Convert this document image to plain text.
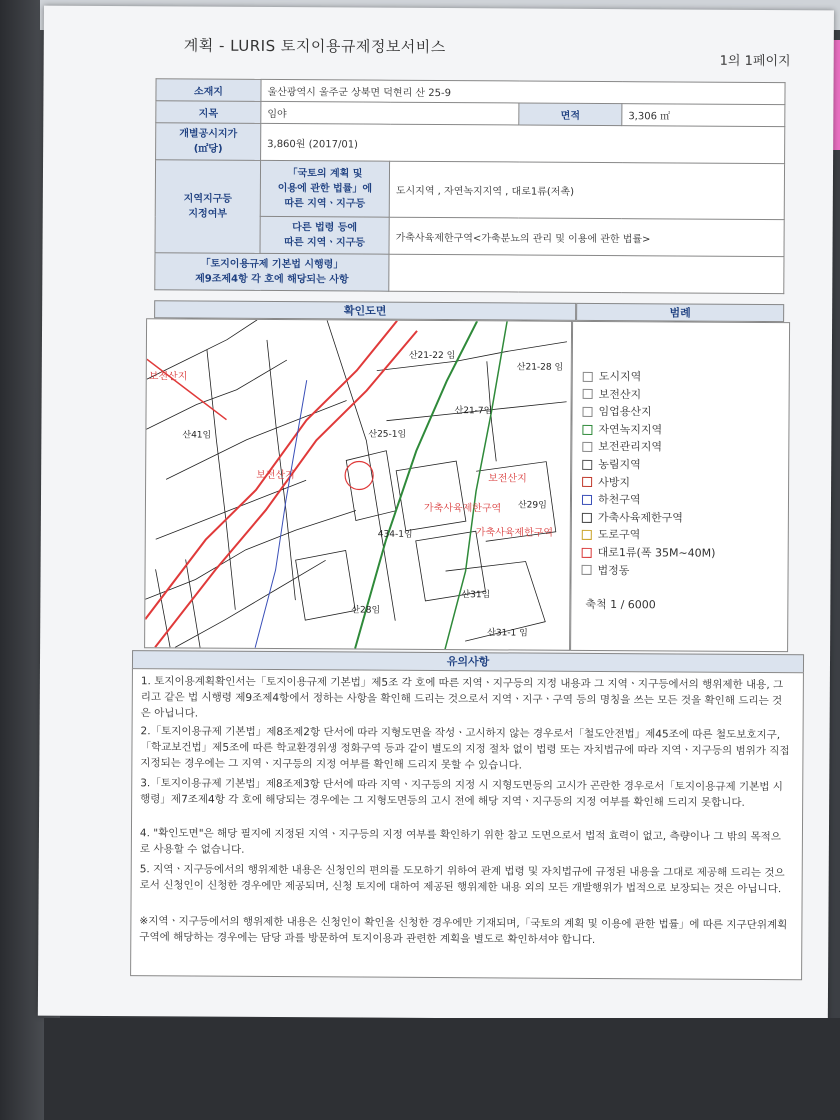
계획 - LURIS 토지이용규제정보서비스
1의 1페이지
소재지	울산광역시 울주군 상북면 덕현리 산 25-9			
지목	임야		면적	3,306 ㎡
개별공시지가
(㎡당)	3,860원 (2017/01)			
지역지구등
지정여부	「국토의 계획 및
이용에 관한 법률」에
따른 지역ㆍ지구등	도시지역 , 자연녹지지역 , 대로1류(저촉)		
	다른 법령 등에
따른 지역ㆍ지구등	가축사육제한구역<가축분뇨의 관리 및 이용에 관한 법률>		
「토지이용규제 기본법 시행령」
제9조제4항 각 호에 해당되는 사항				
확인도면	범례
산21-22 임
산21-28 임
산21-7임
산41임	산25-1임
보전산지
가축사육제한구역
가축사육제한구역
산29임
434-1임
산31임
산28임
산31-1 임
보전산지
보전산지
도시지역
보전산지
임업용산지
자연녹지지역
보전관리지역
농림지역
사방지
하천구역
가축사육제한구역
도로구역
대로1류(폭 35M~40M)
법정동
축척 1 / 6000
유의사항

1. 토지이용계획확인서는「토지이용규제 기본법」제5조 각 호에 따른 지역ㆍ지구등의 지정 내용과 그 지역ㆍ지구등에서의 행위제한 내용, 그리고 같은 법 시행령 제9조제4항에서 정하는 사항을 확인해 드리는 것으로서 지역ㆍ지구ㆍ구역 등의 명칭을 쓰는 모든 것을 확인해 드리는 것은 아닙니다.

2.「토지이용규제 기본법」제8조제2항 단서에 따라 지형도면을 작성ㆍ고시하지 않는 경우로서「철도안전법」제45조에 따른 철도보호지구,「학교보건법」제5조에 따른 학교환경위생 정화구역 등과 같이 별도의 지정 절차 없이 법령 또는 자치법규에 따라 지역ㆍ지구등의 범위가 직접 지정되는 경우에는 그 지역ㆍ지구등의 지정 여부를 확인해 드리지 못할 수 있습니다.

3.「토지이용규제 기본법」제8조제3항 단서에 따라 지역ㆍ지구등의 지정 시 지형도면등의 고시가 곤란한 경우로서「토지이용규제 기본법 시행령」제7조제4항 각 호에 해당되는 경우에는 그 지형도면등의 고시 전에 해당 지역ㆍ지구등의 지정 여부를 확인해 드리지 못합니다.

4. "확인도면"은 해당 필지에 지정된 지역ㆍ지구등의 지정 여부를 확인하기 위한 참고 도면으로서 법적 효력이 없고, 측량이나 그 밖의 목적으로 사용할 수 없습니다.

5. 지역ㆍ지구등에서의 행위제한 내용은 신청인의 편의를 도모하기 위하여 관계 법령 및 자치법규에 규정된 내용을 그대로 제공해 드리는 것으로서 신청인이 신청한 경우에만 제공되며, 신청 토지에 대하여 제공된 행위제한 내용 외의 모든 개발행위가 법적으로 보장되는 것은 아닙니다.

※지역ㆍ지구등에서의 행위제한 내용은 신청인이 확인을 신청한 경우에만 기재되며,「국토의 계획 및 이용에 관한 법률」에 따른 지구단위계획구역에 해당하는 경우에는 담당 과를 방문하여 토지이용과 관련한 계획을 별도로 확인하셔야 합니다.
